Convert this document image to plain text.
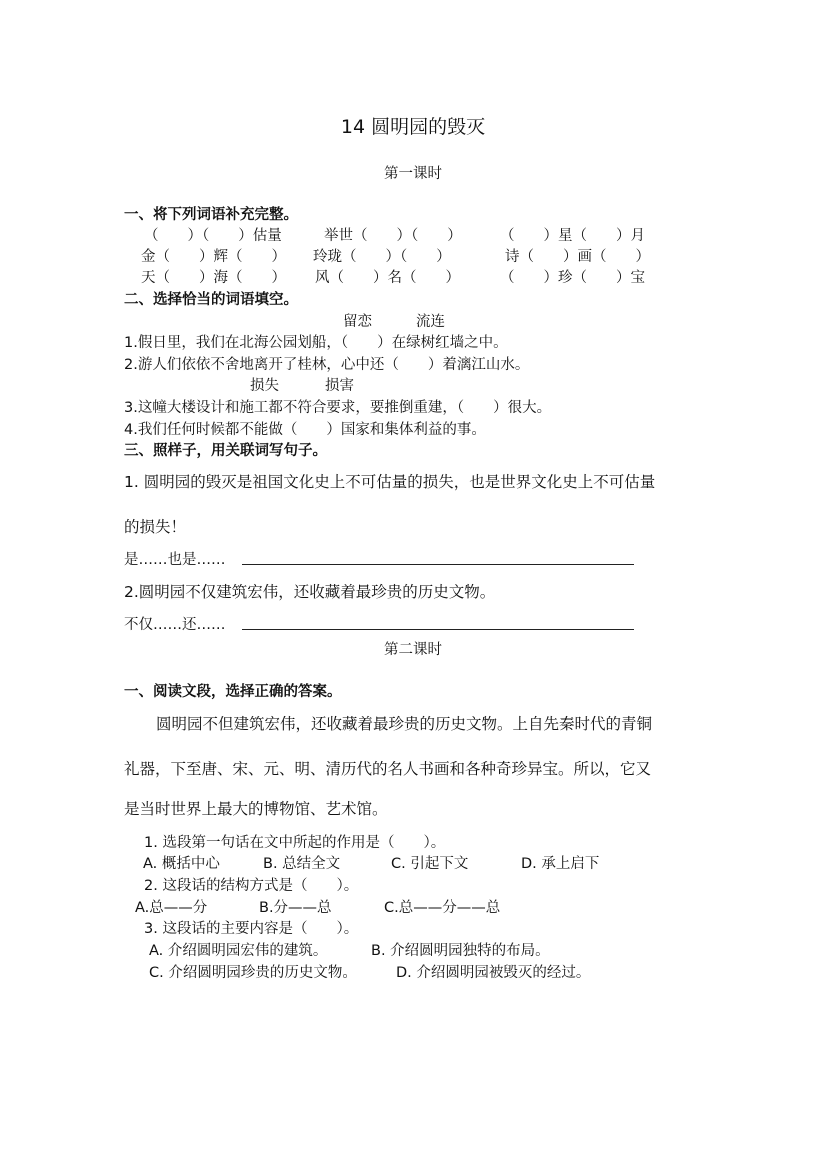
14 圆明园的毁灭
第一课时
一、将下列词语补充完整。
（　　）（　　）估量	举世（　　）（　　）	（　　）星（　　）月
金（　　）辉（　　） 玲珑（　　）（　　）	诗（　　）画（　　）
天（　　）海（　　） 风（　　）名（　　）	（　　）珍（　　）宝
二、选择恰当的词语填空。
留恋	流连
1.假日里，我们在北海公园划船，（　　）在绿树红墙之中。
2.游人们依依不舍地离开了桂林，心中还（　　）着漓江山水。
损失	损害
3.这幢大楼设计和施工都不符合要求，要推倒重建，（　　）很大。
4.我们任何时候都不能做（　　）国家和集体利益的事。
三、照样子，用关联词写句子。
1. 圆明园的毁灭是祖国文化史上不可估量的损失，也是世界文化史上不可估量
的损失！
是……也是……
2.圆明园不仅建筑宏伟，还收藏着最珍贵的历史文物。
不仅……还……
第二课时
一、阅读文段，选择正确的答案。
圆明园不但建筑宏伟，还收藏着最珍贵的历史文物。上自先秦时代的青铜
礼器，下至唐、宋、元、明、清历代的名人书画和各种奇珍异宝。所以，它又
是当时世界上最大的博物馆、艺术馆。
1. 选段第一句话在文中所起的作用是（　　）。
A. 概括中心	B. 总结全文	C. 引起下文	D. 承上启下
2. 这段话的结构方式是（　　）。
A.总——分	B.分——总	C.总——分——总
3. 这段话的主要内容是（　　）。
A. 介绍圆明园宏伟的建筑。	B. 介绍圆明园独特的布局。
C. 介绍圆明园珍贵的历史文物。	D. 介绍圆明园被毁灭的经过。
